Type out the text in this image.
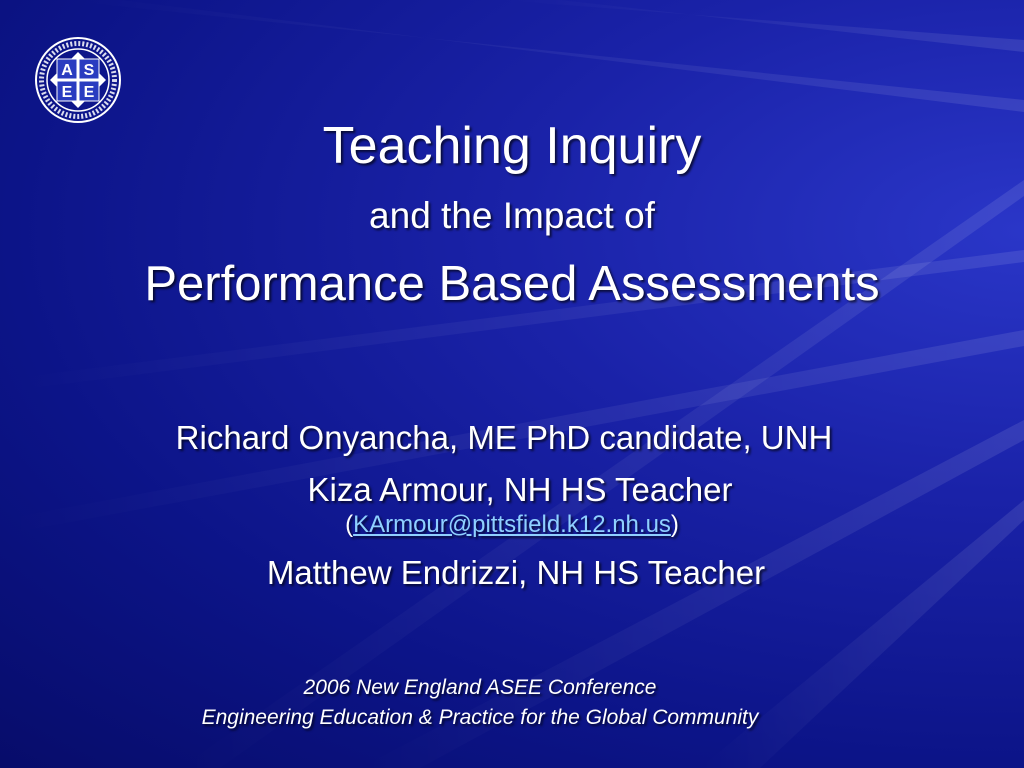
A S
E E
Teaching Inquiry
and the Impact of
Performance Based Assessments
Richard Onyancha, ME PhD candidate, UNH
Kiza Armour, NH HS Teacher
(KArmour@pittsfield.k12.nh.us)
Matthew Endrizzi, NH HS Teacher
2006 New England ASEE Conference
Engineering Education & Practice for the Global Community
